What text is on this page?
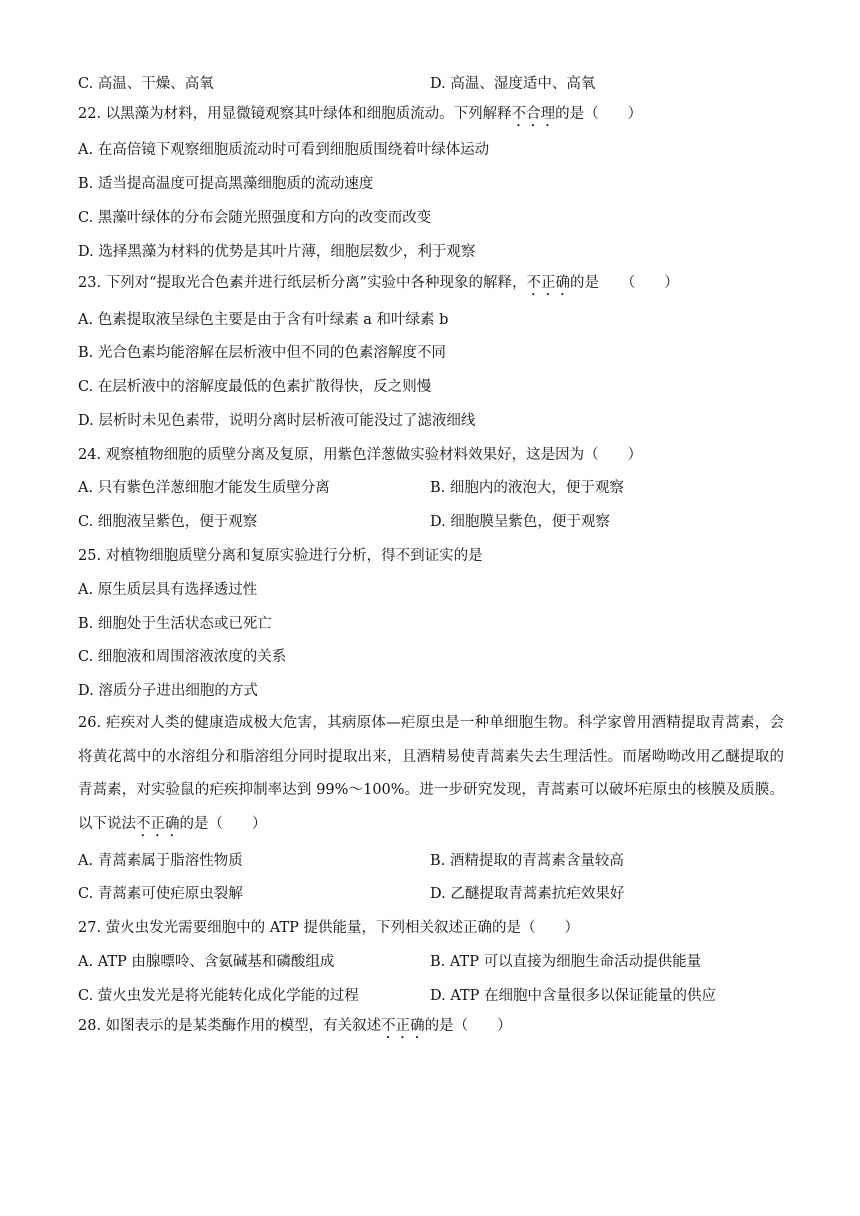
C. 高温、干燥、高氧	D. 高温、湿度适中、高氧
22. 以黑藻为材料，用显微镜观察其叶绿体和细胞质流动。下列解释不合理的是（　　）
A. 在高倍镜下观察细胞质流动时可看到细胞质围绕着叶绿体运动
B. 适当提高温度可提高黑藻细胞质的流动速度
C. 黑藻叶绿体的分布会随光照强度和方向的改变而改变
D. 选择黑藻为材料的优势是其叶片薄，细胞层数少，利于观察
23. 下列对“提取光合色素并进行纸层析分离”实验中各种现象的解释，不正确的是　　（　　）
A. 色素提取液呈绿色主要是由于含有叶绿素 a 和叶绿素 b
B. 光合色素均能溶解在层析液中但不同的色素溶解度不同
C. 在层析液中的溶解度最低的色素扩散得快，反之则慢
D. 层析时未见色素带，说明分离时层析液可能没过了滤液细线
24. 观察植物细胞的质壁分离及复原，用紫色洋葱做实验材料效果好，这是因为（　　）
A. 只有紫色洋葱细胞才能发生质壁分离	B. 细胞内的液泡大，便于观察
C. 细胞液呈紫色，便于观察	D. 细胞膜呈紫色，便于观察
25. 对植物细胞质壁分离和复原实验进行分析，得不到证实的是
A. 原生质层具有选择透过性
B. 细胞处于生活状态或已死亡
C. 细胞液和周围溶液浓度的关系
D. 溶质分子进出细胞的方式
26. 疟疾对人类的健康造成极大危害，其病原体—疟原虫是一种单细胞生物。科学家曾用酒精提取青蒿素，会将黄花蒿中的水溶组分和脂溶组分同时提取出来，且酒精易使青蒿素失去生理活性。而屠呦呦改用乙醚提取的青蒿素，对实验鼠的疟疾抑制率达到 99%～100%。进一步研究发现，青蒿素可以破坏疟原虫的核膜及质膜。以下说法不正确的是（　　）
A. 青蒿素属于脂溶性物质	B. 酒精提取的青蒿素含量较高
C. 青蒿素可使疟原虫裂解	D. 乙醚提取青蒿素抗疟效果好
27. 萤火虫发光需要细胞中的 ATP 提供能量，下列相关叙述正确的是（　　）
A. ATP 由腺嘌呤、含氨碱基和磷酸组成	B. ATP 可以直接为细胞生命活动提供能量
C. 萤火虫发光是将光能转化成化学能的过程	D. ATP 在细胞中含量很多以保证能量的供应
28. 如图表示的是某类酶作用的模型，有关叙述不正确的是（　　）
